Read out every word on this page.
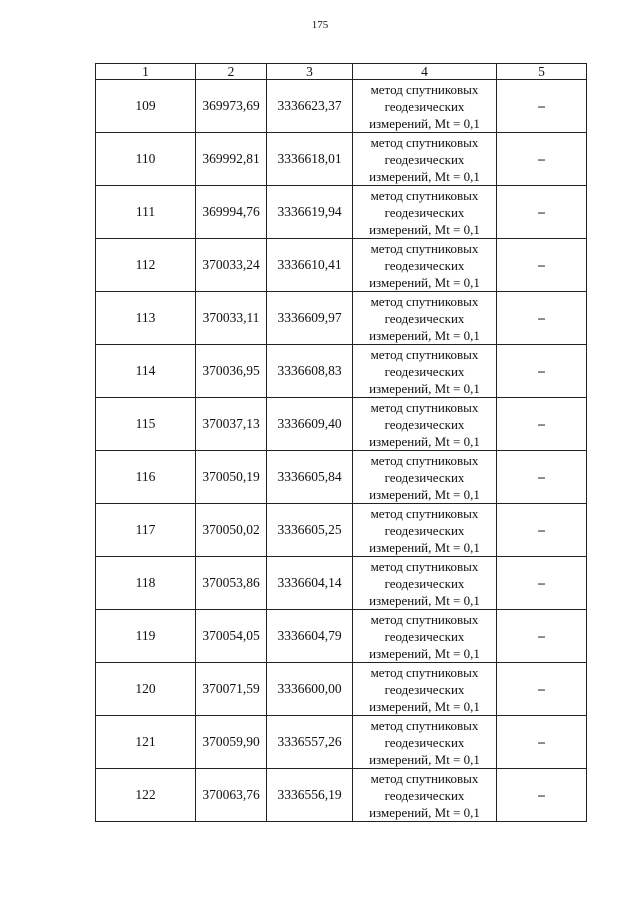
175
1	2	3	4	5
109	369973,69	3336623,37	метод спутниковых геодезических измерений, Mt = 0,1	–
110	369992,81	3336618,01	метод спутниковых геодезических измерений, Mt = 0,1	–
111	369994,76	3336619,94	метод спутниковых геодезических измерений, Mt = 0,1	–
112	370033,24	3336610,41	метод спутниковых геодезических измерений, Mt = 0,1	–
113	370033,11	3336609,97	метод спутниковых геодезических измерений, Mt = 0,1	–
114	370036,95	3336608,83	метод спутниковых геодезических измерений, Mt = 0,1	–
115	370037,13	3336609,40	метод спутниковых геодезических измерений, Mt = 0,1	–
116	370050,19	3336605,84	метод спутниковых геодезических измерений, Mt = 0,1	–
117	370050,02	3336605,25	метод спутниковых геодезических измерений, Mt = 0,1	–
118	370053,86	3336604,14	метод спутниковых геодезических измерений, Mt = 0,1	–
119	370054,05	3336604,79	метод спутниковых геодезических измерений, Mt = 0,1	–
120	370071,59	3336600,00	метод спутниковых геодезических измерений, Mt = 0,1	–
121	370059,90	3336557,26	метод спутниковых геодезических измерений, Mt = 0,1	–
122	370063,76	3336556,19	метод спутниковых геодезических измерений, Mt = 0,1	–
